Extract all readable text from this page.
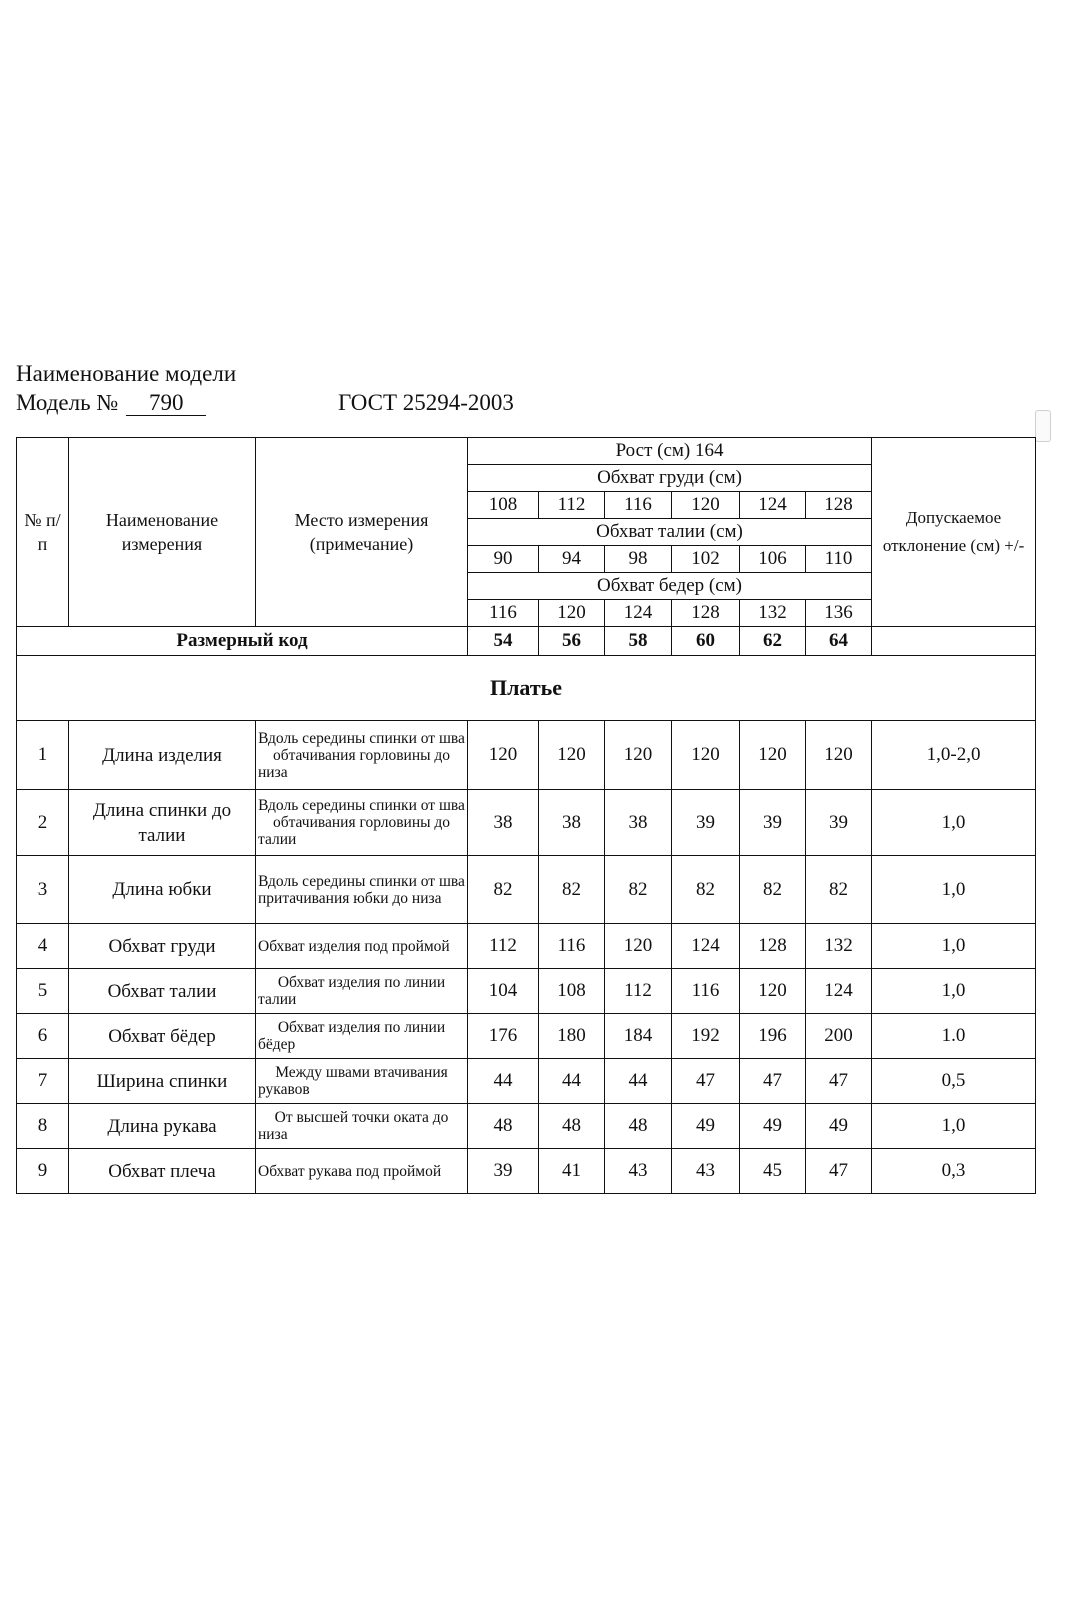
Наименование модели
Модель № 790	ГОСТ 25294-2003
№ п/ п	Наименование измерения	Место измерения (примечание)	Рост (см) 164						Допускаемое отклонение (см) +/-
			Обхват груди (см)						
			108	112	116	120	124	128	
			Обхват талии (см)						
			90	94	98	102	106	110	
			Обхват бедер (см)						
			116	120	124	128	132	136	
Размерный код			54	56	58	60	62	64	
Платье									
1	Длина изделия	Вдоль середины спинки от шва обтачивания горловины до низа	120	120	120	120	120	120	1,0-2,0
2	Длина спинки до талии	Вдоль середины спинки от шва обтачивания горловины до талии	38	38	38	39	39	39	1,0
3	Длина юбки	Вдоль середины спинки от шва притачивания юбки до низа	82	82	82	82	82	82	1,0
4	Обхват груди	Обхват изделия под проймой	112	116	120	124	128	132	1,0
5	Обхват талии	Обхват изделия по линии талии	104	108	112	116	120	124	1,0
6	Обхват бёдер	Обхват изделия по линии бёдер	176	180	184	192	196	200	1.0
7	Ширина спинки	Между швами втачивания рукавов	44	44	44	47	47	47	0,5
8	Длина рукава	От высшей точки оката до низа	48	48	48	49	49	49	1,0
9	Обхват плеча	Обхват рукава под проймой	39	41	43	43	45	47	0,3
